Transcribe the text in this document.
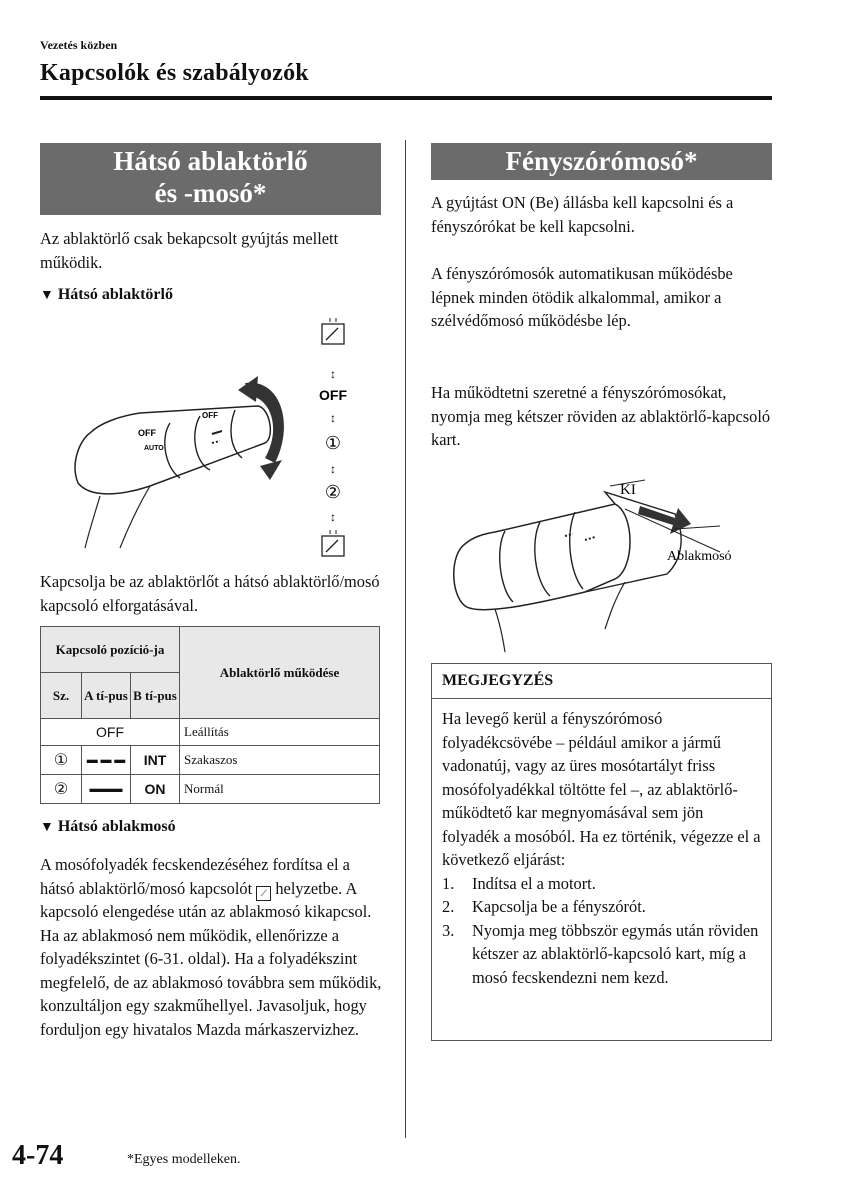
Vezetés közben
Kapcsolók és szabályozók
Hátsó ablaktörlő
és -mosó*
Az ablaktörlő csak bekapcsolt gyújtás mellett működik.
▼ Hátsó ablaktörlő
OFF
AUTO
OFF
↕
OFF
↕
①
↕
②
↕
Kapcsolja be az ablaktörlőt a hátsó ablaktörlő/mosó kapcsoló elforgatásával.
Kapcsoló pozíció-ja			Ablaktörlő működése
Sz.	A tí-pus	B tí-pus	
OFF			Leállítás
①	▬ ▬ ▬	INT	Szakaszos
②	▬▬▬	ON	Normál
▼ Hátsó ablakmosó
A mosófolyadék fecskendezéséhez fordítsa el a hátsó ablaktörlő/mosó kapcsolót ⟋ helyzetbe. A kapcsoló elengedése után az ablakmosó kikapcsol.
Ha az ablakmosó nem működik, ellenőrizze a folyadékszintet (6-31. oldal). Ha a folyadékszint megfelelő, de az ablakmosó továbbra sem működik, konzultáljon egy szakműhellyel. Javasoljuk, hogy forduljon egy hivatalos Mazda márkaszervizhez.
Fényszórómosó*
A gyújtást ON (Be) állásba kell kapcsolni és a fényszórókat be kell kapcsolni.
A fényszórómosók automatikusan működésbe lépnek minden ötödik alkalommal, amikor a szélvédőmosó működésbe lép.
Ha működtetni szeretné a fényszórómosókat, nyomja meg kétszer röviden az ablaktörlő-kapcsoló kart.
KI
Ablakmosó
MEGJEGYZÉS
Ha levegő kerül a fényszórómosó folyadékcsövébe – például amikor a jármű vadonatúj, vagy az üres mosótartályt friss mosófolyadékkal töltötte fel –, az ablaktörlő-működtető kar megnyomásával sem jön folyadék a mosóból. Ha ez történik, végezze el a következő eljárást:
1. Indítsa el a motort.
2. Kapcsolja be a fényszórót.
3. Nyomja meg többször egymás után röviden kétszer az ablaktörlő-kapcsoló kart, míg a mosó fecskendezni nem kezd.
4-74	*Egyes modelleken.
